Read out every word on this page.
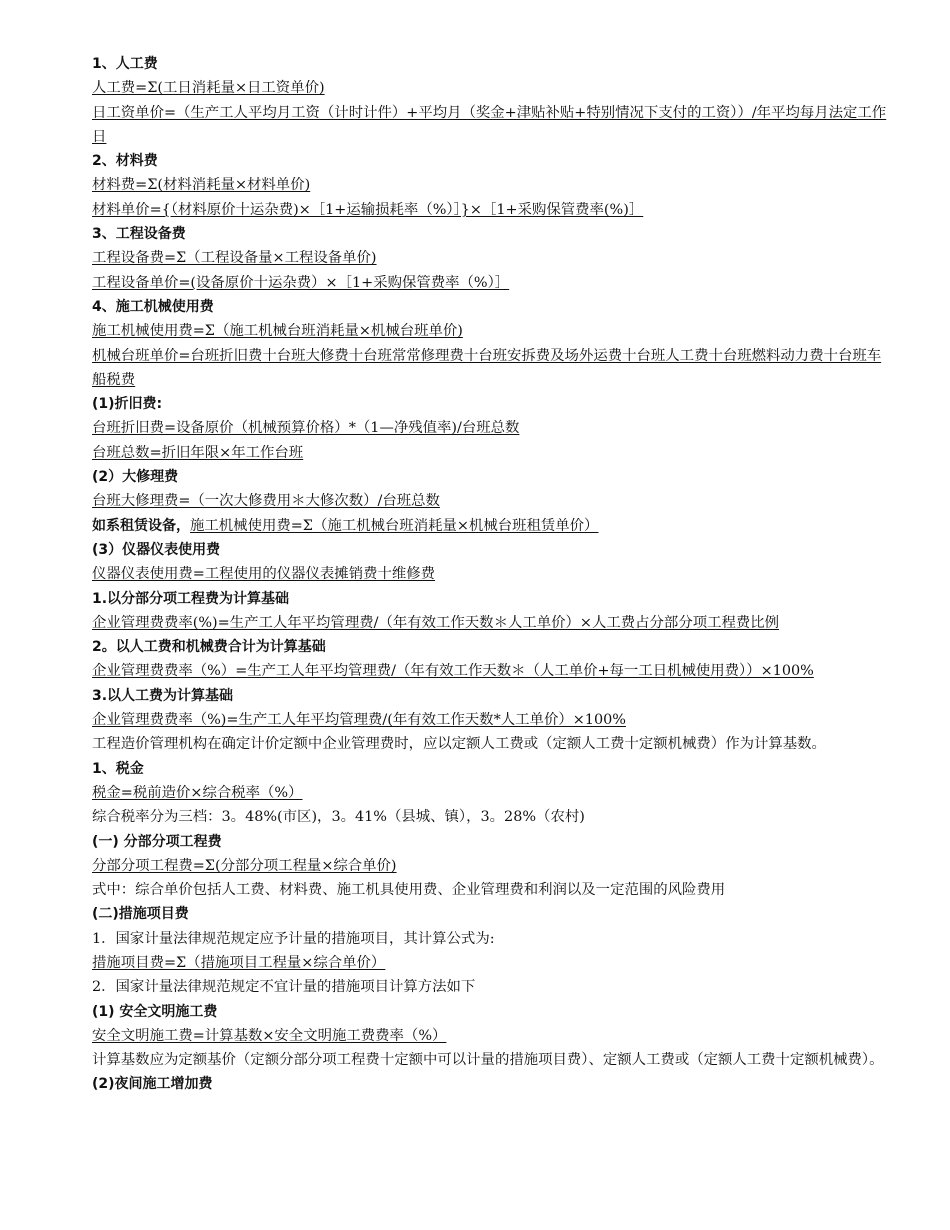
1、人工费
人工费=Σ(工日消耗量×日工资单价)
日工资单价=（生产工人平均月工资（计时计件）+平均月（奖金+津贴补贴+特别情况下支付的工资））/年平均每月法定工作日
2、材料费
材料费=Σ(材料消耗量×材料单价)
材料单价={（材料原价十运杂费)×［1+运输损耗率（%）］}×［1+采购保管费率(%)］
3、工程设备费
工程设备费=Σ（工程设备量×工程设备单价)
工程设备单价=(设备原价十运杂费）×［1+采购保管费率（%）］
4、施工机械使用费
施工机械使用费=Σ（施工机械台班消耗量×机械台班单价)
机械台班单价=台班折旧费十台班大修费十台班常常修理费十台班安拆费及场外运费十台班人工费十台班燃料动力费十台班车船税费
(1)折旧费:
台班折旧费=设备原价（机械预算价格）*（1—净残值率)/台班总数
台班总数=折旧年限×年工作台班
(2）大修理费
台班大修理费=（一次大修费用＊大修次数）/台班总数
如系租赁设备，施工机械使用费=Σ（施工机械台班消耗量×机械台班租赁单价）
(3）仪器仪表使用费
仪器仪表使用费=工程使用的仪器仪表摊销费十维修费
1.以分部分项工程费为计算基础
企业管理费费率(%)=生产工人年平均管理费/（年有效工作天数＊人工单价）×人工费占分部分项工程费比例
2。以人工费和机械费合计为计算基础
企业管理费费率（%）=生产工人年平均管理费/（年有效工作天数＊（人工单价+每一工日机械使用费））×100%
3.以人工费为计算基础
企业管理费费率（%)=生产工人年平均管理费/(年有效工作天数*人工单价）×100%
工程造价管理机构在确定计价定额中企业管理费时，应以定额人工费或（定额人工费十定额机械费）作为计算基数。
1、税金
税金=税前造价×综合税率（%）
综合税率分为三档：3。48%(市区)，3。41%（县城、镇），3。28%（农村)
(一) 分部分项工程费
分部分项工程费=Σ(分部分项工程量×综合单价)
式中：综合单价包括人工费、材料费、施工机具使用费、企业管理费和利润以及一定范围的风险费用
(二)措施项目费
1．国家计量法律规范规定应予计量的措施项目，其计算公式为:
措施项目费=Σ（措施项目工程量×综合单价）
2．国家计量法律规范规定不宜计量的措施项目计算方法如下
(1) 安全文明施工费
安全文明施工费=计算基数×安全文明施工费费率（%）
计算基数应为定额基价（定额分部分项工程费十定额中可以计量的措施项目费）、定额人工费或（定额人工费十定额机械费）。
(2)夜间施工增加费
